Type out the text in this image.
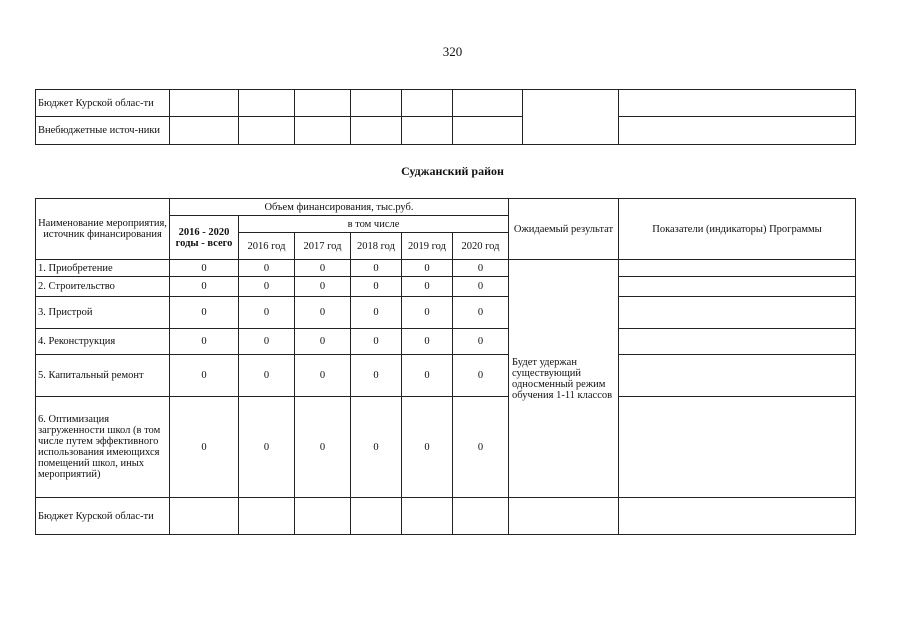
320
Бюджет Курской облас-ти								
Внебюджетные источ-ники								
Суджанский район
Наименование мероприятия, источник финансирования	Объем финансирования, тыс.руб.						Ожидаемый результат	Показатели (индикаторы) Программы
	2016 - 2020 годы - всего	в том числе						
		2016 год	2017 год	2018 год	2019 год	2020 год		
1. Приобретение	0	0	0	0	0	0	Будет удержан существующий односменный режим обучения 1-11 классов	
2. Строительство	0	0	0	0	0	0		
3. Пристрой	0	0	0	0	0	0		
4. Реконструкция	0	0	0	0	0	0		
5. Капитальный ремонт	0	0	0	0	0	0		
6. Оптимизация загруженности школ (в том числе путем эффективного использования имеющихся помещений школ, иных мероприятий)	0	0	0	0	0	0		
Бюджет Курской облас-ти								
